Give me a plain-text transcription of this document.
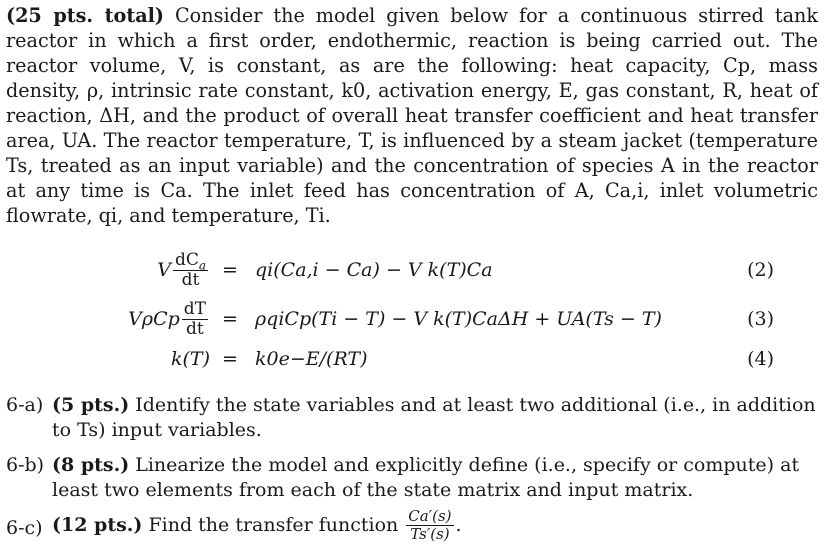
(25 pts. total) Consider the model given below for a continuous stirred tank reactor in which a first order, endothermic, reaction is being carried out. The reactor volume, V, is constant, as are the following: heat capacity, Cp, mass density, ρ, intrinsic rate constant, k0, activation energy, E, gas constant, R, heat of reaction, ΔH, and the product of overall heat transfer coefficient and heat transfer area, UA. The reactor temperature, T, is influenced by a steam jacket (temperature Ts, treated as an input variable) and the concentration of species A in the reactor at any time is Ca. The inlet feed has concentration of A, Ca,i, inlet volumetric flowrate, qi, and temperature, Ti.
V $\frac{dC_a}{dt} = qi(Ca,i - Ca) - V$ k(T)Ca	(2)
VρCp $\frac{dT}{dt}$ = ρqiCp(Ti − T) − V k(T)CaΔH + UA(Ts − T)	(3)
k(T) = k0e−E/(RT)	(4)
6-a) (5 pts.) Identify the state variables and at least two additional (i.e., in addition to Ts) input variables.
6-b) (8 pts.) Linearize the model and explicitly define (i.e., specify or compute) at least two elements from each of the state matrix and input matrix.
6-c) (12 pts.) Find the transfer function $\frac{Ca'(s)}{Ts'(s)}$ .
